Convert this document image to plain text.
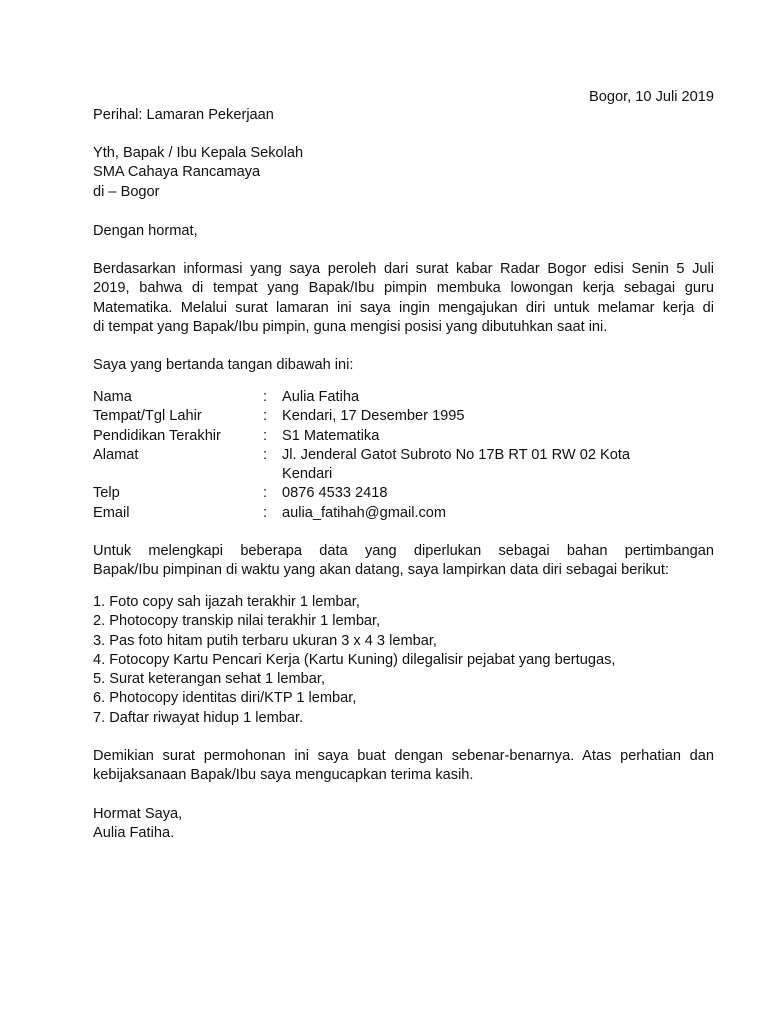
Bogor, 10 Juli 2019
Perihal: Lamaran Pekerjaan
Yth, Bapak / Ibu Kepala Sekolah
SMA Cahaya Rancamaya
di – Bogor
Dengan hormat,
Berdasarkan informasi yang saya peroleh dari surat kabar Radar Bogor edisi Senin 5 Juli
2019, bahwa di tempat yang Bapak/Ibu pimpin membuka lowongan kerja sebagai guru
Matematika. Melalui surat lamaran ini saya ingin mengajukan diri untuk melamar kerja di
di tempat yang Bapak/Ibu pimpin, guna mengisi posisi yang dibutuhkan saat ini.
Saya yang bertanda tangan dibawah ini:
Nama	: Aulia Fatiha
Tempat/Tgl Lahir	: Kendari, 17 Desember 1995
Pendidikan Terakhir	: S1 Matematika
Alamat	: Jl. Jenderal Gatot Subroto No 17B RT 01 RW 02 Kota
Kendari
Telp	: 0876 4533 2418
Email	: aulia_fatihah@gmail.com
Untuk melengkapi beberapa data yang diperlukan sebagai bahan pertimbangan
Bapak/Ibu pimpinan di waktu yang akan datang, saya lampirkan data diri sebagai berikut:
1. Foto copy sah ijazah terakhir 1 lembar,
2. Photocopy transkip nilai terakhir 1 lembar,
3. Pas foto hitam putih terbaru ukuran 3 x 4 3 lembar,
4. Fotocopy Kartu Pencari Kerja (Kartu Kuning) dilegalisir pejabat yang bertugas,
5. Surat keterangan sehat 1 lembar,
6. Photocopy identitas diri/KTP 1 lembar,
7. Daftar riwayat hidup 1 lembar.
Demikian surat permohonan ini saya buat dengan sebenar-benarnya. Atas perhatian dan
kebijaksanaan Bapak/Ibu saya mengucapkan terima kasih.
Hormat Saya,
Aulia Fatiha.
